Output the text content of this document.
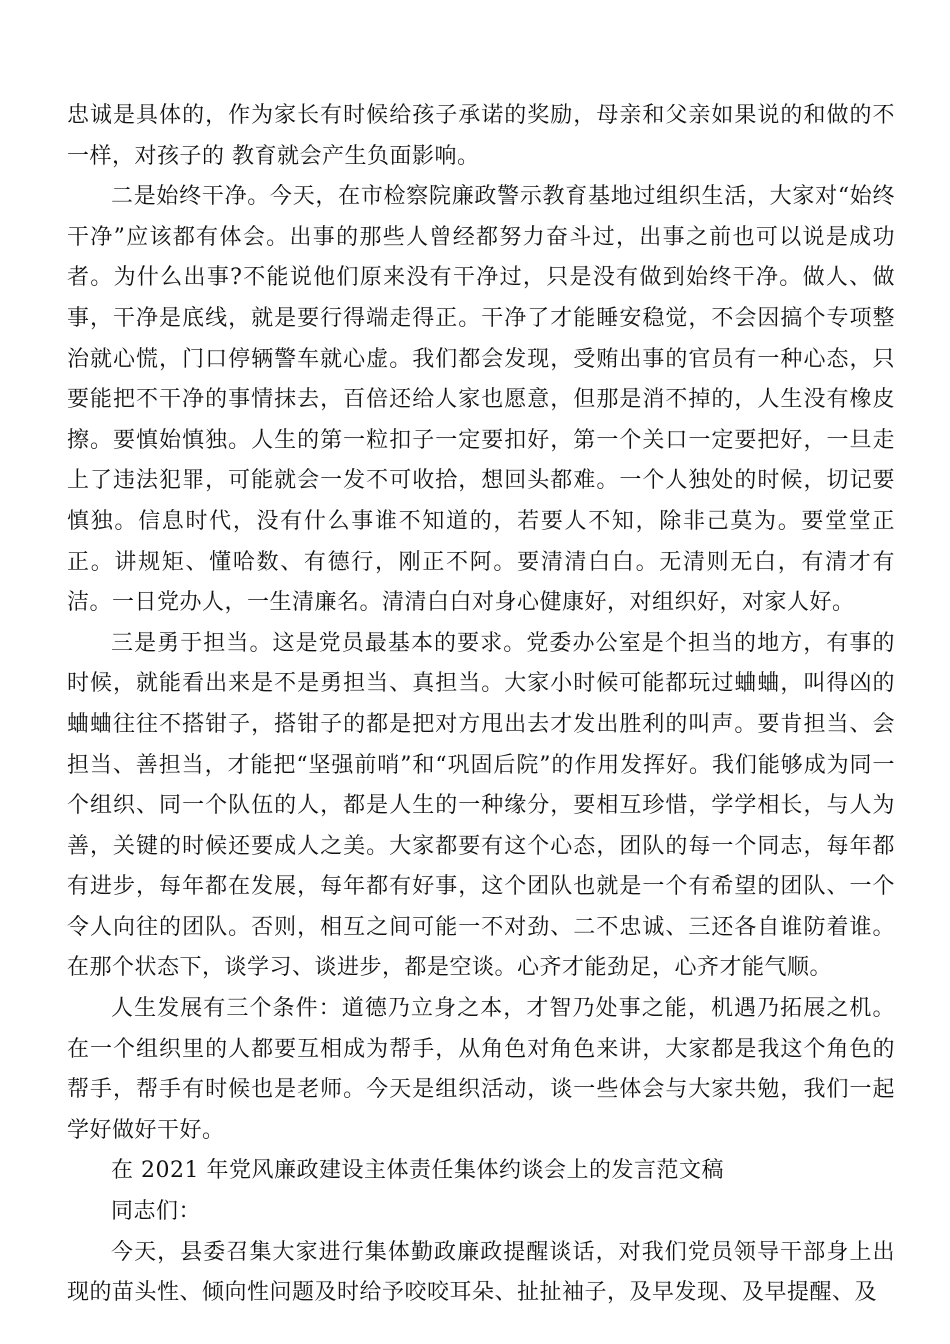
忠诚是具体的，作为家长有时候给孩子承诺的奖励，母亲和父亲如果说的和做的不一样，对孩子的 教育就会产生负面影响。

二是始终干净。今天，在市检察院廉政警示教育基地过组织生活，大家对“始终干净”应该都有体会。出事的那些人曾经都努力奋斗过，出事之前也可以说是成功者。为什么出事?不能说他们原来没有干净过，只是没有做到始终干净。做人、做事，干净是底线，就是要行得端走得正。干净了才能睡安稳觉，不会因搞个专项整治就心慌，门口停辆警车就心虚。我们都会发现，受贿出事的官员有一种心态，只要能把不干净的事情抹去，百倍还给人家也愿意，但那是消不掉的，人生没有橡皮擦。要慎始慎独。人生的第一粒扣子一定要扣好，第一个关口一定要把好，一旦走上了违法犯罪，可能就会一发不可收拾，想回头都难。一个人独处的时候，切记要慎独。信息时代，没有什么事谁不知道的，若要人不知，除非己莫为。要堂堂正正。讲规矩、懂哈数、有德行，刚正不阿。要清清白白。无清则无白，有清才有洁。一日党办人，一生清廉名。清清白白对身心健康好，对组织好，对家人好。

三是勇于担当。这是党员最基本的要求。党委办公室是个担当的地方，有事的时候，就能看出来是不是勇担当、真担当。大家小时候可能都玩过蛐蛐，叫得凶的蛐蛐往往不搭钳子，搭钳子的都是把对方甩出去才发出胜利的叫声。要肯担当、会担当、善担当，才能把“坚强前哨”和“巩固后院”的作用发挥好。我们能够成为同一个组织、同一个队伍的人，都是人生的一种缘分，要相互珍惜，学学相长，与人为善，关键的时候还要成人之美。大家都要有这个心态，团队的每一个同志，每年都有进步，每年都在发展，每年都有好事，这个团队也就是一个有希望的团队、一个令人向往的团队。否则，相互之间可能一不对劲、二不忠诚、三还各自谁防着谁。在那个状态下，谈学习、谈进步，都是空谈。心齐才能劲足，心齐才能气顺。

人生发展有三个条件：道德乃立身之本，才智乃处事之能，机遇乃拓展之机。在一个组织里的人都要互相成为帮手，从角色对角色来讲，大家都是我这个角色的帮手，帮手有时候也是老师。今天是组织活动，谈一些体会与大家共勉，我们一起学好做好干好。

在 2021 年党风廉政建设主体责任集体约谈会上的发言范文稿

同志们：

今天，县委召集大家进行集体勤政廉政提醒谈话，对我们党员领导干部身上出现的苗头性、倾向性问题及时给予咬咬耳朵、扯扯袖子，及早发现、及早提醒、及
